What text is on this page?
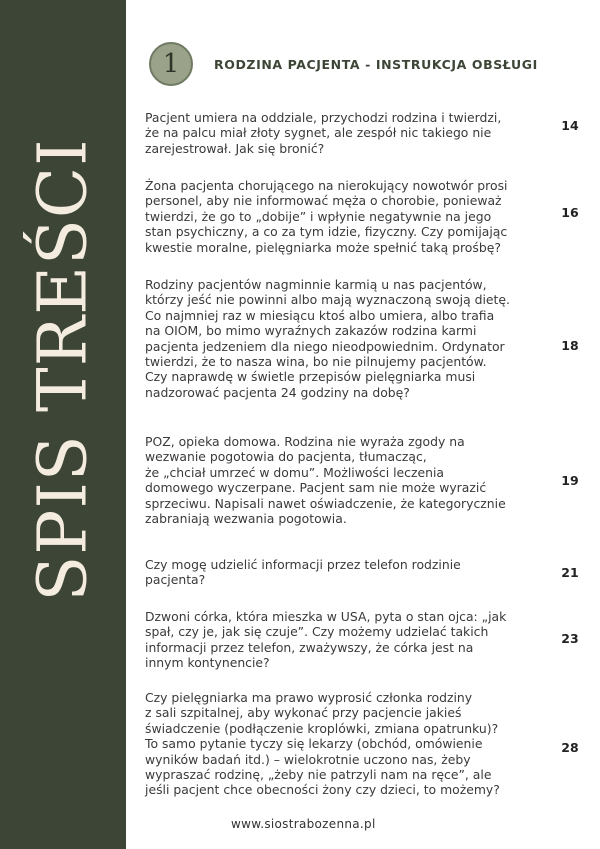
SPIS TREŚCI
1	RODZINA PACJENTA - INSTRUKCJA OBSŁUGI
Pacjent umiera na oddziale, przychodzi rodzina i twierdzi,
że na palcu miał złoty sygnet, ale zespół nic takiego nie
zarejestrował. Jak się bronić?
14
Żona pacjenta chorującego na nierokujący nowotwór prosi
personel, aby nie informować męża o chorobie, ponieważ
twierdzi, że go to „dobije” i wpłynie negatywnie na jego
stan psychiczny, a co za tym idzie, fizyczny. Czy pomijając
kwestie moralne, pielęgniarka może spełnić taką prośbę?
16
Rodziny pacjentów nagminnie karmią u nas pacjentów,
którzy jeść nie powinni albo mają wyznaczoną swoją dietę.
Co najmniej raz w miesiącu ktoś albo umiera, albo trafia
na OIOM, bo mimo wyraźnych zakazów rodzina karmi
pacjenta jedzeniem dla niego nieodpowiednim. Ordynator
twierdzi, że to nasza wina, bo nie pilnujemy pacjentów.
Czy naprawdę w świetle przepisów pielęgniarka musi
nadzorować pacjenta 24 godziny na dobę?
18
POZ, opieka domowa. Rodzina nie wyraża zgody na
wezwanie pogotowia do pacjenta, tłumacząc,
że „chciał umrzeć w domu”. Możliwości leczenia
domowego wyczerpane. Pacjent sam nie może wyrazić
sprzeciwu. Napisali nawet oświadczenie, że kategorycznie
zabraniają wezwania pogotowia.
19
Czy mogę udzielić informacji przez telefon rodzinie
pacjenta?	21
Dzwoni córka, która mieszka w USA, pyta o stan ojca: „jak
spał, czy je, jak się czuje”. Czy możemy udzielać takich
informacji przez telefon, zważywszy, że córka jest na
innym kontynencie?
23
Czy pielęgniarka ma prawo wyprosić członka rodziny
z sali szpitalnej, aby wykonać przy pacjencie jakieś
świadczenie (podłączenie kroplówki, zmiana opatrunku)?
To samo pytanie tyczy się lekarzy (obchód, omówienie
wyników badań itd.) – wielokrotnie uczono nas, żeby
wypraszać rodzinę, „żeby nie patrzyli nam na ręce”, ale
jeśli pacjent chce obecności żony czy dzieci, to możemy?
28
www.siostrabozenna.pl
